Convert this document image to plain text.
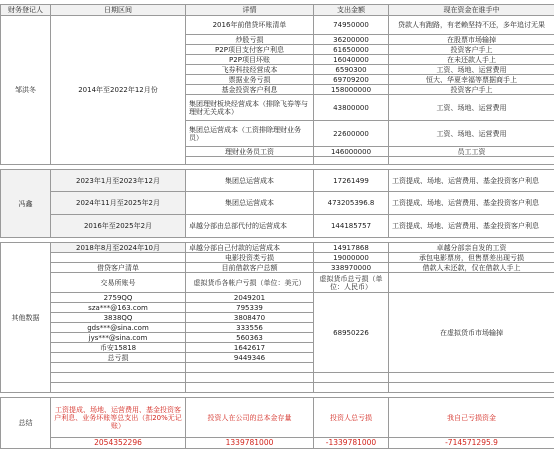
财务登记人	日期区间	详情	支出金额	现在资金在谁手中
邹洪冬	2014年至2022年12月份	2016年前借贷坏账清单	74950000	贷款人有跑路，有老赖坚持不还，多年追讨无果
		炒股亏损	36200000	在股票市场输掉
		P2P项目支付客户利息	61650000	投资客户手上
		P2P项目坏账	16040000	在未还款人手上
		飞券科技经营成本	6590300	工资、场地、运营费用
		票据业务亏损	69709200	恒大、华夏幸福等票据商手上
		基金投资客户利息	158000000	投资客户手上
		集团理财板块经营成本（排除飞券等与理财无关成本）	43800000	工资、场地、运营费用
		集团总运营成本（工资排除理财业务员）	22600000	工资、场地、运营费用
		理财业务员工资	146000000	员工工资

冯鑫	2023年1月至2023年12月	集团总运营成本	17261499	工资提成、场地、运营费用、基金投资客户利息
	2024年11月至2025年2月	集团总运营成本	473205396.8	工资提成、场地、运营费用、基金投资客户利息
	2016年至2025年2月	卓越分部由总部代付的运营成本	144185757	工资提成、场地、运营费用、基金投资客户利息

其他数据	2018年8月至2024年10月	卓越分部自己付款的运营成本	14917868	卓越分部亲自发的工资
		电影投资类亏损	19000000	承包电影票房，但售票差出现亏损
	借贷客户清单	目前借款客户总额	338970000	借款人未还款，仅在借款人手上
	交易所账号	虚拟货币各帐户亏损（单位：美元）	虚拟货币总亏损（单位：人民币）	
	2759QQ	2049201	68950226	在虚拟货币市场输掉
	sza***@163.com	795339		
	3838QQ	3808470		
	gds***@sina.com	333556		
	jys***@sina.com	560363		
	币安15818	1642617		
	总亏损	9449346		

总结	工资提成、场地、运营费用、基金投资客户利息、业务坏账等总支出（扣20%无记账）	投资人在公司的总本金存量	投资人总亏损	我自己亏损资金
	2054352296	1339781000	-1339781000	-714571295.9
